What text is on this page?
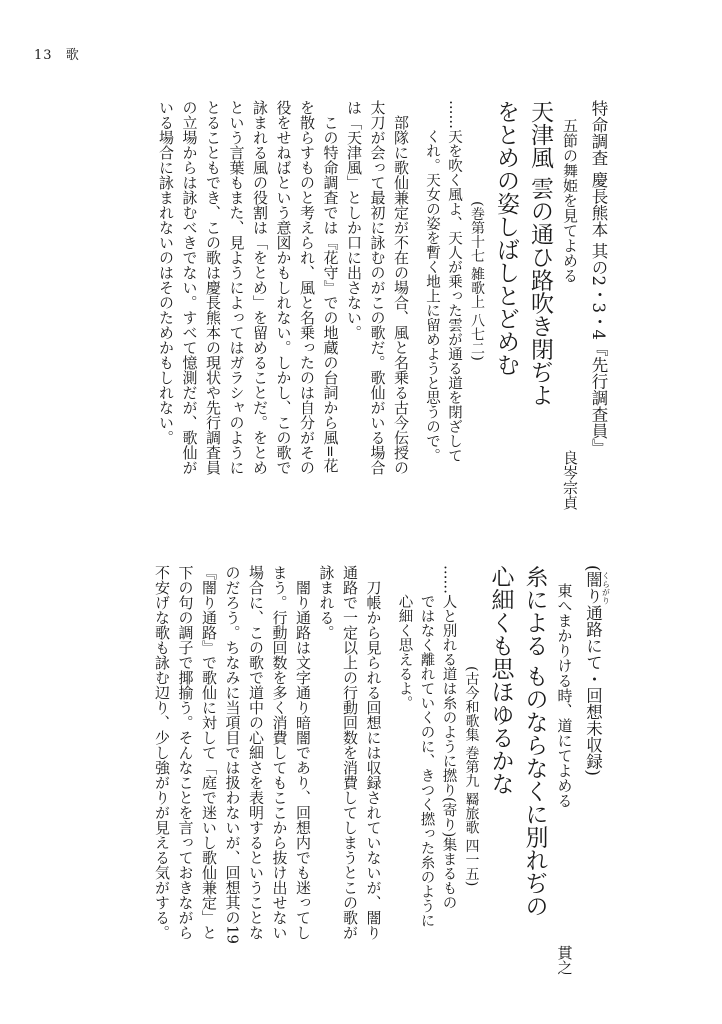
13 歌
特命調査 慶長熊本 其の2・3・4『先行調査員』
五節の舞姫を見てよめる
良岑宗貞
天津風 雲の通ひ路吹き閉ぢよ
をとめの姿しばしとどめむ
(巻第十七 雑歌上 八七二)
……天を吹く風よ、天人が乗った雲が通る道を閉ざして
くれ。天女の姿を暫く地上に留めようと思うので。
部隊に歌仙兼定が不在の場合、風と名乗る古今伝授の
太刀が会って最初に詠むのがこの歌だ。歌仙がいる場合
は「天津風」としか口に出さない。
この特命調査では『花守』での地蔵の台詞から風=花
を散らすものと考えられ、風と名乗ったのは自分がその
役をせねばという意図かもしれない。しかし、この歌で
詠まれる風の役割は「をとめ」を留めることだ。をとめ
という言葉もまた、見ようによってはガラシャのように
とることもでき、この歌は慶長熊本の現状や先行調査員
の立場からは詠むべきでない。すべて憶測だが、歌仙が
いる場合に詠まれないのはそのためかもしれない。
(闇り くらがり通路にて・回想未収録)
東へまかりける時、道にてよめる
貫之
糸による ものならなくに別れぢの
心細くも思ほゆるかな
(古今和歌集 巻第九 羇旅歌 四一五)
……人と別れる道は糸のように撚り(寄り)集まるもの
ではなく離れていくのに、きつく撚った糸のように
心細く思えるよ。
刀帳から見られる回想には収録されていないが、闇り
通路で一定以上の行動回数を消費してしまうとこの歌が
詠まれる。
闇り通路は文字通り暗闇であり、回想内でも迷ってし
まう。行動回数を多く消費してもここから抜け出せない
場合に、この歌で道中の心細さを表明するということな
のだろう。ちなみに当項目では扱わないが、回想其の19
『闇り通路』で歌仙に対して「庭で迷いし歌仙兼定」と
下の句の調子で揶揄う。そんなことを言っておきながら
不安げな歌も詠む辺り、少し強がりが見える気がする。
